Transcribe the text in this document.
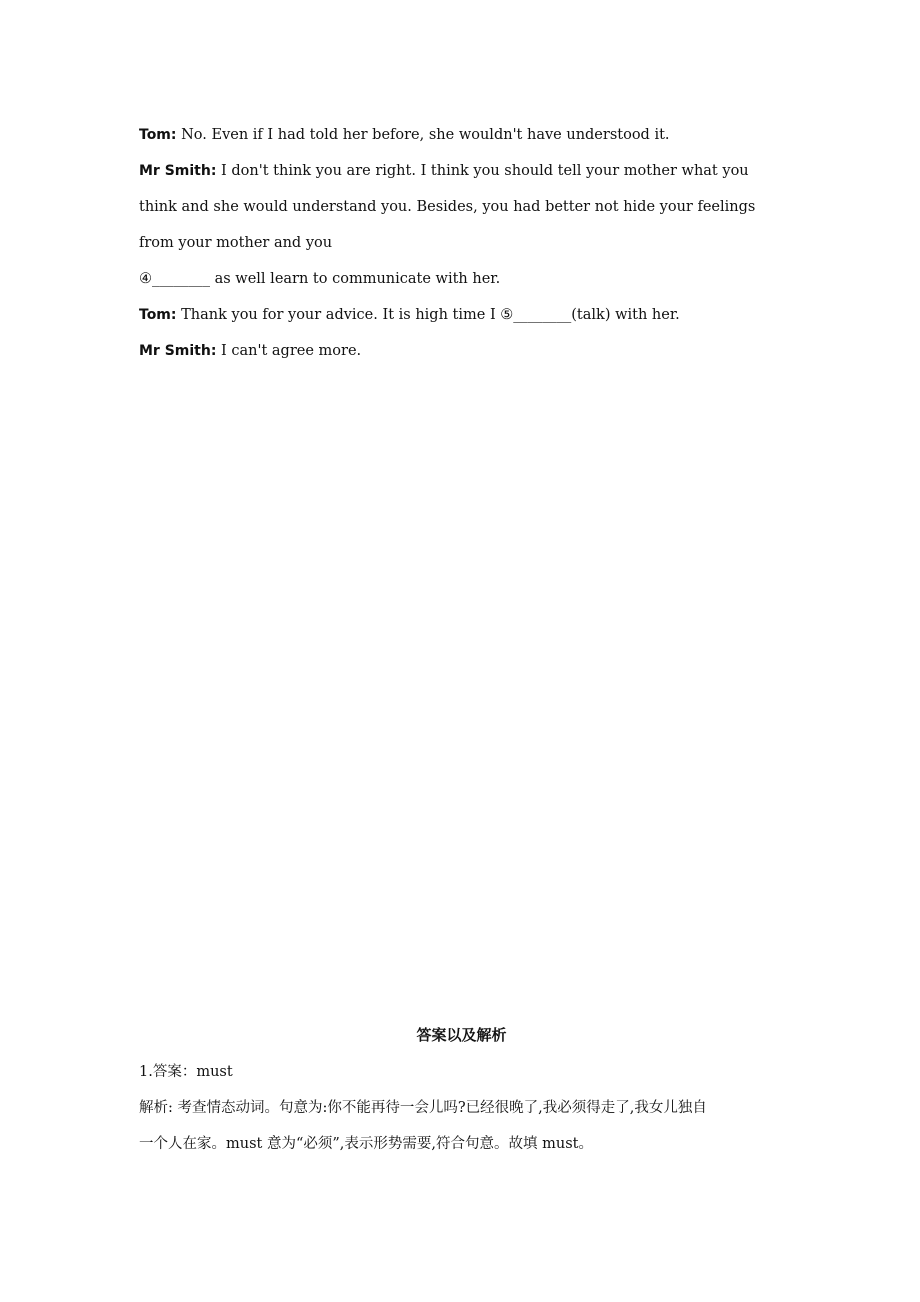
Tom: No. Even if I had told her before, she wouldn't have understood it.

Mr Smith: I don't think you are right. I think you should tell your mother what you

think and she would understand you. Besides, you had better not hide your feelings

from your mother and you

④________ as well learn to communicate with her.

Tom: Thank you for your advice. It is high time I ⑤________(talk) with her.

Mr Smith: I can't agree more.

答案以及解析

1.答案：must

解析: 考查情态动词。句意为:你不能再待一会儿吗?已经很晚了,我必须得走了,我女儿独自

一个人在家。must 意为“必须”,表示形势需要,符合句意。故填 must。
